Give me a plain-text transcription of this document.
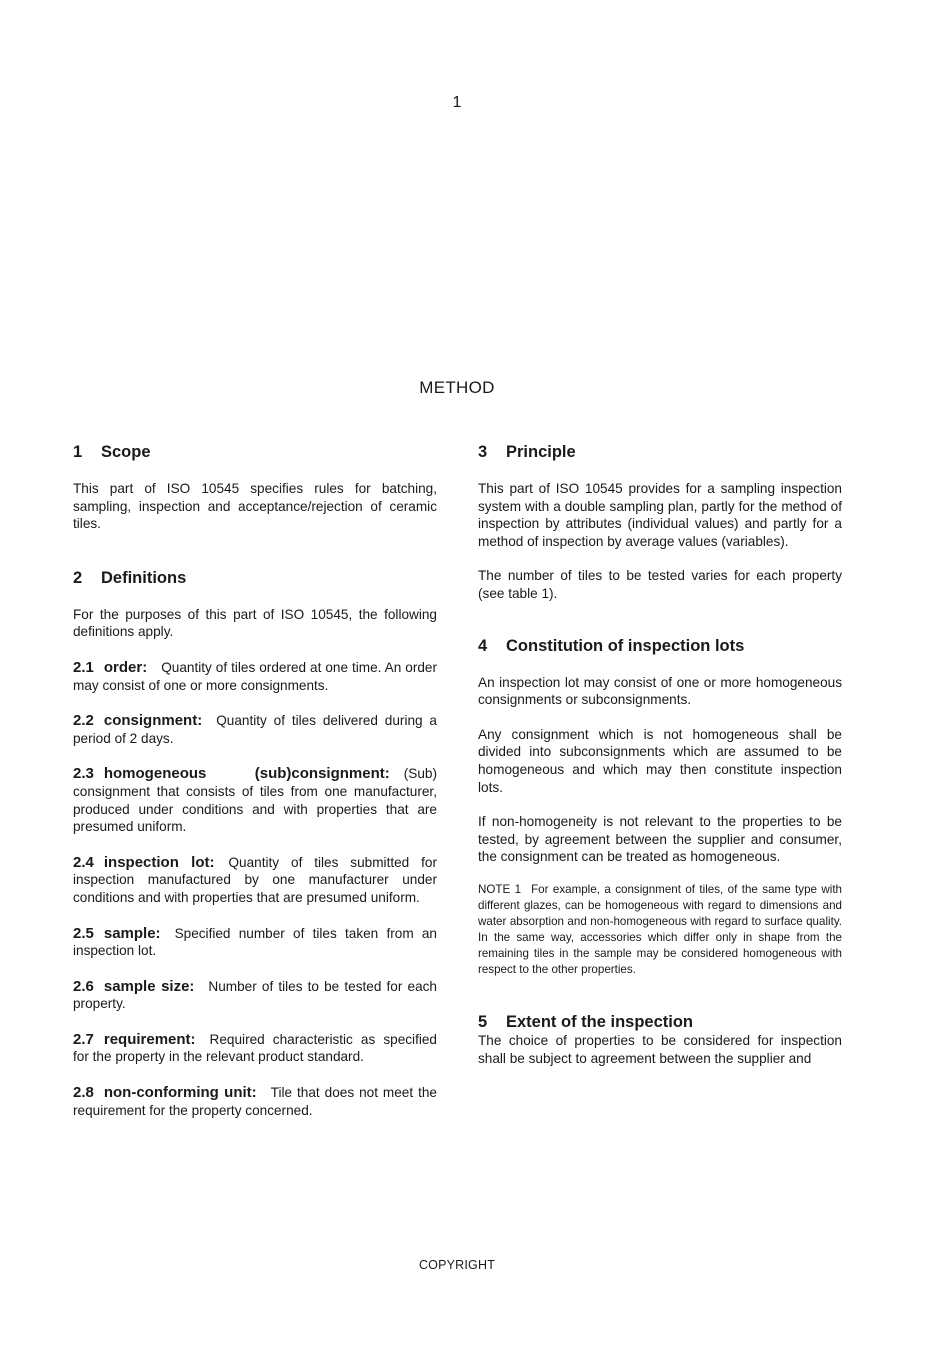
1
METHOD
1 Scope

This part of ISO 10545 specifies rules for batching, sampling, inspection and acceptance/rejection of ceramic tiles.

2 Definitions

For the purposes of this part of ISO 10545, the following definitions apply.

2.1 order: Quantity of tiles ordered at one time. An order may consist of one or more consignments.

2.2 consignment: Quantity of tiles delivered during a period of 2 days.

2.3 homogeneous (sub)consignment: (Sub) consignment that consists of tiles from one manufacturer, produced under conditions and with properties that are presumed uniform.

2.4 inspection lot: Quantity of tiles submitted for inspection manufactured by one manufacturer under conditions and with properties that are presumed uniform.

2.5 sample: Specified number of tiles taken from an inspection lot.

2.6 sample size: Number of tiles to be tested for each property.

2.7 requirement: Required characteristic as specified for the property in the relevant product standard.

2.8 non-conforming unit: Tile that does not meet the requirement for the property concerned.

3 Principle

This part of ISO 10545 provides for a sampling inspection system with a double sampling plan, partly for the method of inspection by attributes (individual values) and partly for a method of inspection by average values (variables).

The number of tiles to be tested varies for each property (see table 1).

4 Constitution of inspection lots

An inspection lot may consist of one or more homogeneous consignments or subconsignments.

Any consignment which is not homogeneous shall be divided into subconsignments which are assumed to be homogeneous and which may then constitute inspection lots.

If non-homogeneity is not relevant to the properties to be tested, by agreement between the supplier and consumer, the consignment can be treated as homogeneous.

NOTE 1 For example, a consignment of tiles, of the same type with different glazes, can be homogeneous with regard to dimensions and water absorption and non-homogeneous with regard to surface quality. In the same way, accessories which differ only in shape from the remaining tiles in the sample may be considered homogeneous with respect to the other properties.

5 Extent of the inspection

The choice of properties to be considered for inspection shall be subject to agreement between the supplier and

COPYRIGHT
